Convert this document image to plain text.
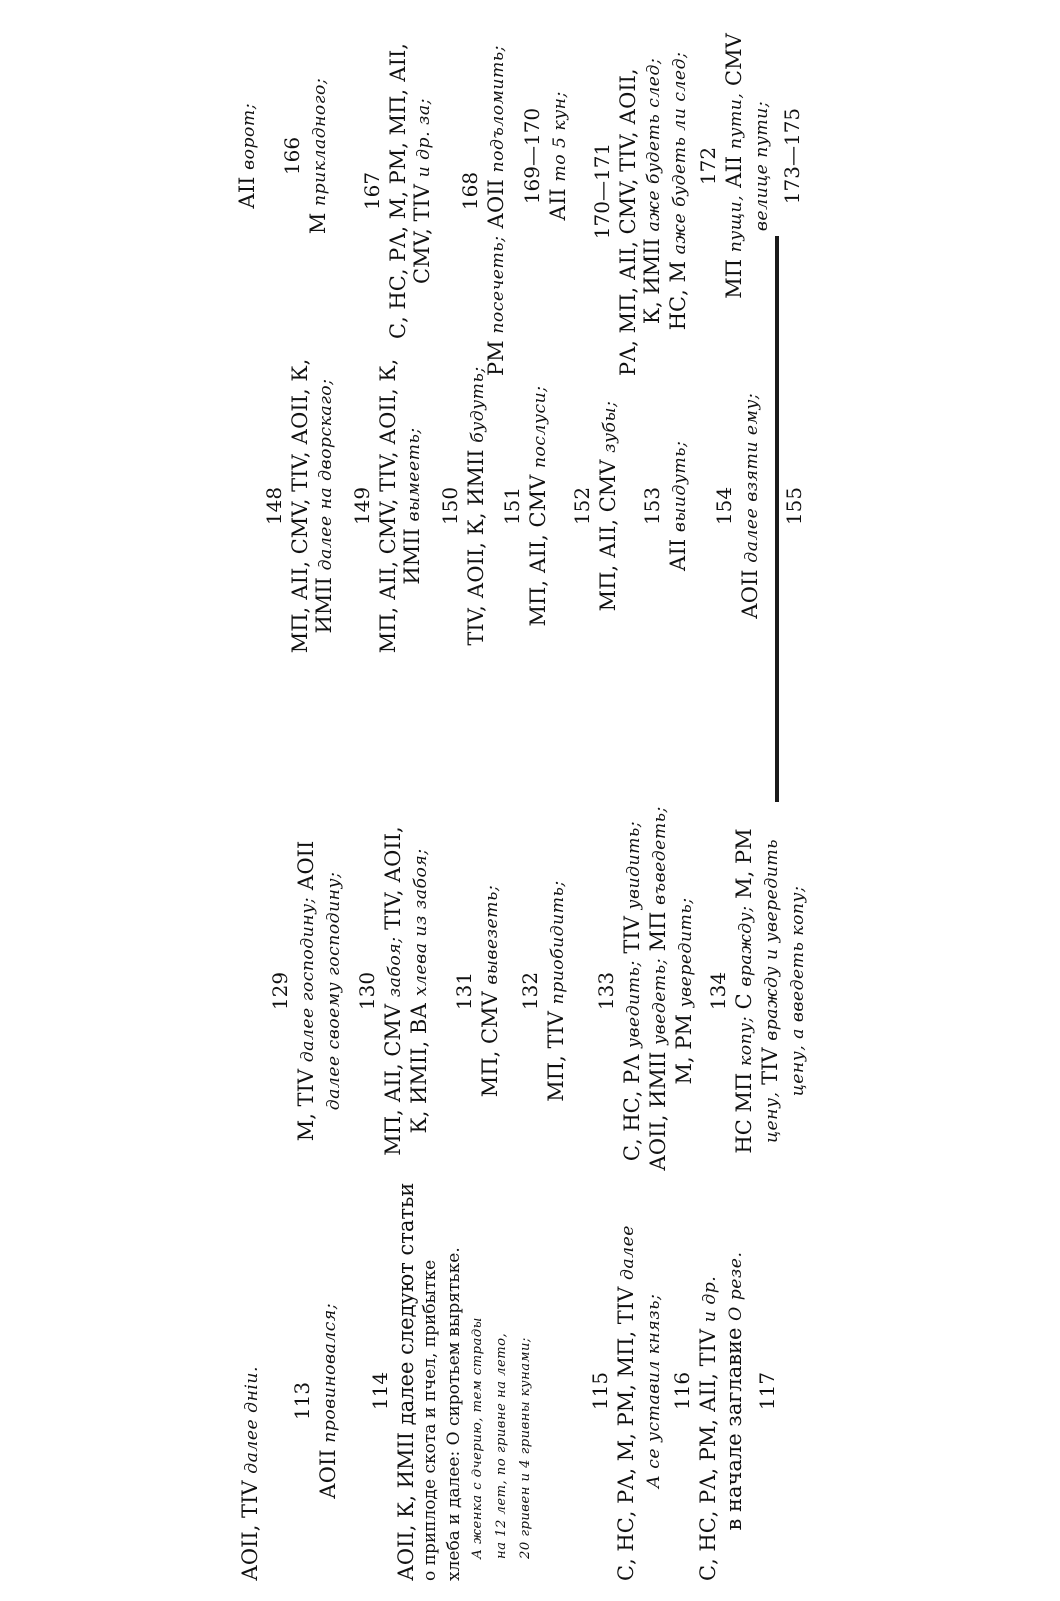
АОII, TIV далее дніи. 113
АОII провиновался; 114 АОII, К, ИМII далее следуют статьи о приплоде скота и пчел, прибытке хлеба и далее: О сиротьем вырятьке. А женка с дчерию, тем страды на 12 лет, по гривне на лето, 20 гривен и 4 гривны кунами;	115 С, НС, РΛ, М, РМ, МП, TIV далее
А се уставил князь; 116 С, НС, РΛ, РМ, АII, TIV и др.
в начале заглавие О резе.
117
129
М, TIV далее господину; АОII
далее своему господину; 130
МП, АII, СМV забоя; TIV, АОII,
К, ИМII, ВА хлева из забоя; 131
МП, СМV вывезеть;
132
МП, TIV приобидить; 133
С, НС, РΛ уведить; TIV увидить;
АОII, ИМII уведеть; МП въведеть;
М, РМ увередить; 134
НС МП копу; С вражду; М, РМ
цену, TIV вражду и увередить цену, а введеть копу;
148 МП, АII, СМV, TIV, АОII, К, ИМII далее на дворскаго; 149 МП, АII, СМV, TIV, АОII, К, ИМII вымееть; 150 TIV, АОII, К, ИМII будуть;
151 МП, АII, СМV послуси;
152 МП, АII, СМV зубы;
153
АII выидуть; 154
АОII далее взяти ему; 155
АII ворот; 166
М прикладного; 167 С, НС, РΛ, М, РМ, МП, АII, СМV, TIV и др. за;
168
РМ посечеть; АОII подъломить; 169—170
АII то 5 кун;
170—171 РΛ, МП, АII, СМV, TIV, АОII, К, ИМII аже будеть след;
НС, М аже будеть ли след; 172
МП пущи, АII пути, СМV
велице пути; 173—175
